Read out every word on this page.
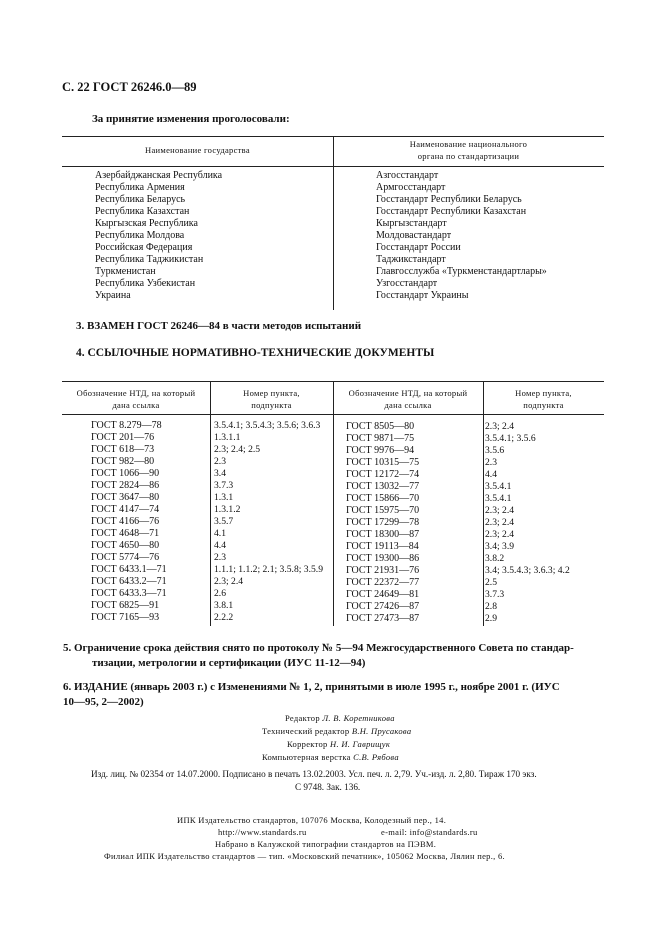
С. 22 ГОСТ 26246.0—89
За принятие изменения проголосовали:
Наименование государства
Наименование национального
органа по стандартизации
Азербайджанская Республика
Республика Армения
Республика Беларусь
Республика Казахстан
Кыргызская Республика
Республика Молдова
Российская Федерация
Республика Таджикистан
Туркменистан
Республика Узбекистан
Украина
Азгосстандарт
Армгосстандарт
Госстандарт Республики Беларусь
Госстандарт Республики Казахстан
Кыргызстандарт
Молдовастандарт
Госстандарт России
Таджикстандарт
Главгосслужба «Туркменстандартлары»
Узгосстандарт
Госстандарт Украины
3. ВЗАМЕН ГОСТ 26246—84 в части методов испытаний
4. ССЫЛОЧНЫЕ НОРМАТИВНО-ТЕХНИЧЕСКИЕ ДОКУМЕНТЫ
Обозначение НТД, на который
дана ссылка
Номер пункта,
подпункта
Обозначение НТД, на который
дана ссылка
Номер пункта,
подпункта
ГОСТ 8.279—78
ГОСТ 201—76
ГОСТ 618—73
ГОСТ 982—80
ГОСТ 1066—90
ГОСТ 2824—86
ГОСТ 3647—80
ГОСТ 4147—74
ГОСТ 4166—76
ГОСТ 4648—71
ГОСТ 4650—80
ГОСТ 5774—76
ГОСТ 6433.1—71
ГОСТ 6433.2—71
ГОСТ 6433.3—71
ГОСТ 6825—91
ГОСТ 7165—93
3.5.4.1; 3.5.4.3; 3.5.6; 3.6.3
1.3.1.1
2.3; 2.4; 2.5
2.3
3.4
3.7.3
1.3.1
1.3.1.2
3.5.7
4.1
4.4
2.3
1.1.1; 1.1.2; 2.1; 3.5.8; 3.5.9
2.3; 2.4
2.6
3.8.1
2.2.2
ГОСТ 8505—80
ГОСТ 9871—75
ГОСТ 9976—94
ГОСТ 10315—75
ГОСТ 12172—74
ГОСТ 13032—77
ГОСТ 15866—70
ГОСТ 15975—70
ГОСТ 17299—78
ГОСТ 18300—87
ГОСТ 19113—84
ГОСТ 19300—86
ГОСТ 21931—76
ГОСТ 22372—77
ГОСТ 24649—81
ГОСТ 27426—87
ГОСТ 27473—87
2.3; 2.4
3.5.4.1; 3.5.6
3.5.6
2.3
4.4
3.5.4.1
3.5.4.1
2.3; 2.4
2.3; 2.4
2.3; 2.4
3.4; 3.9
3.8.2
3.4; 3.5.4.3; 3.6.3; 4.2
2.5
3.7.3
2.8
2.9
5. Ограничение срока действия снято по протоколу № 5—94 Межгосударственного Совета по стандар-
тизации, метрологии и сертификации (ИУС 11-12—94)
6. ИЗДАНИЕ (январь 2003 г.) с Изменениями № 1, 2, принятыми в июле 1995 г., ноябре 2001 г. (ИУС
10—95, 2—2002)
Редактор Л. В. Коретникова
Технический редактор В.Н. Прусакова
Корректор Н. И. Гаврищук
Компьютерная верстка С.В. Рябова
Изд. лиц. № 02354 от 14.07.2000. Подписано в печать 13.02.2003. Усл. печ. л. 2,79. Уч.-изд. л. 2,80. Тираж 170 экз.
С 9748. Зак. 136.
ИПК Издательство стандартов, 107076 Москва, Колодезный пер., 14.
http://www.standards.ru	e-mail: info@standards.ru
Набрано в Калужской типографии стандартов на ПЭВМ.
Филиал ИПК Издательство стандартов — тип. «Московский печатник», 105062 Москва, Лялин пер., 6.
